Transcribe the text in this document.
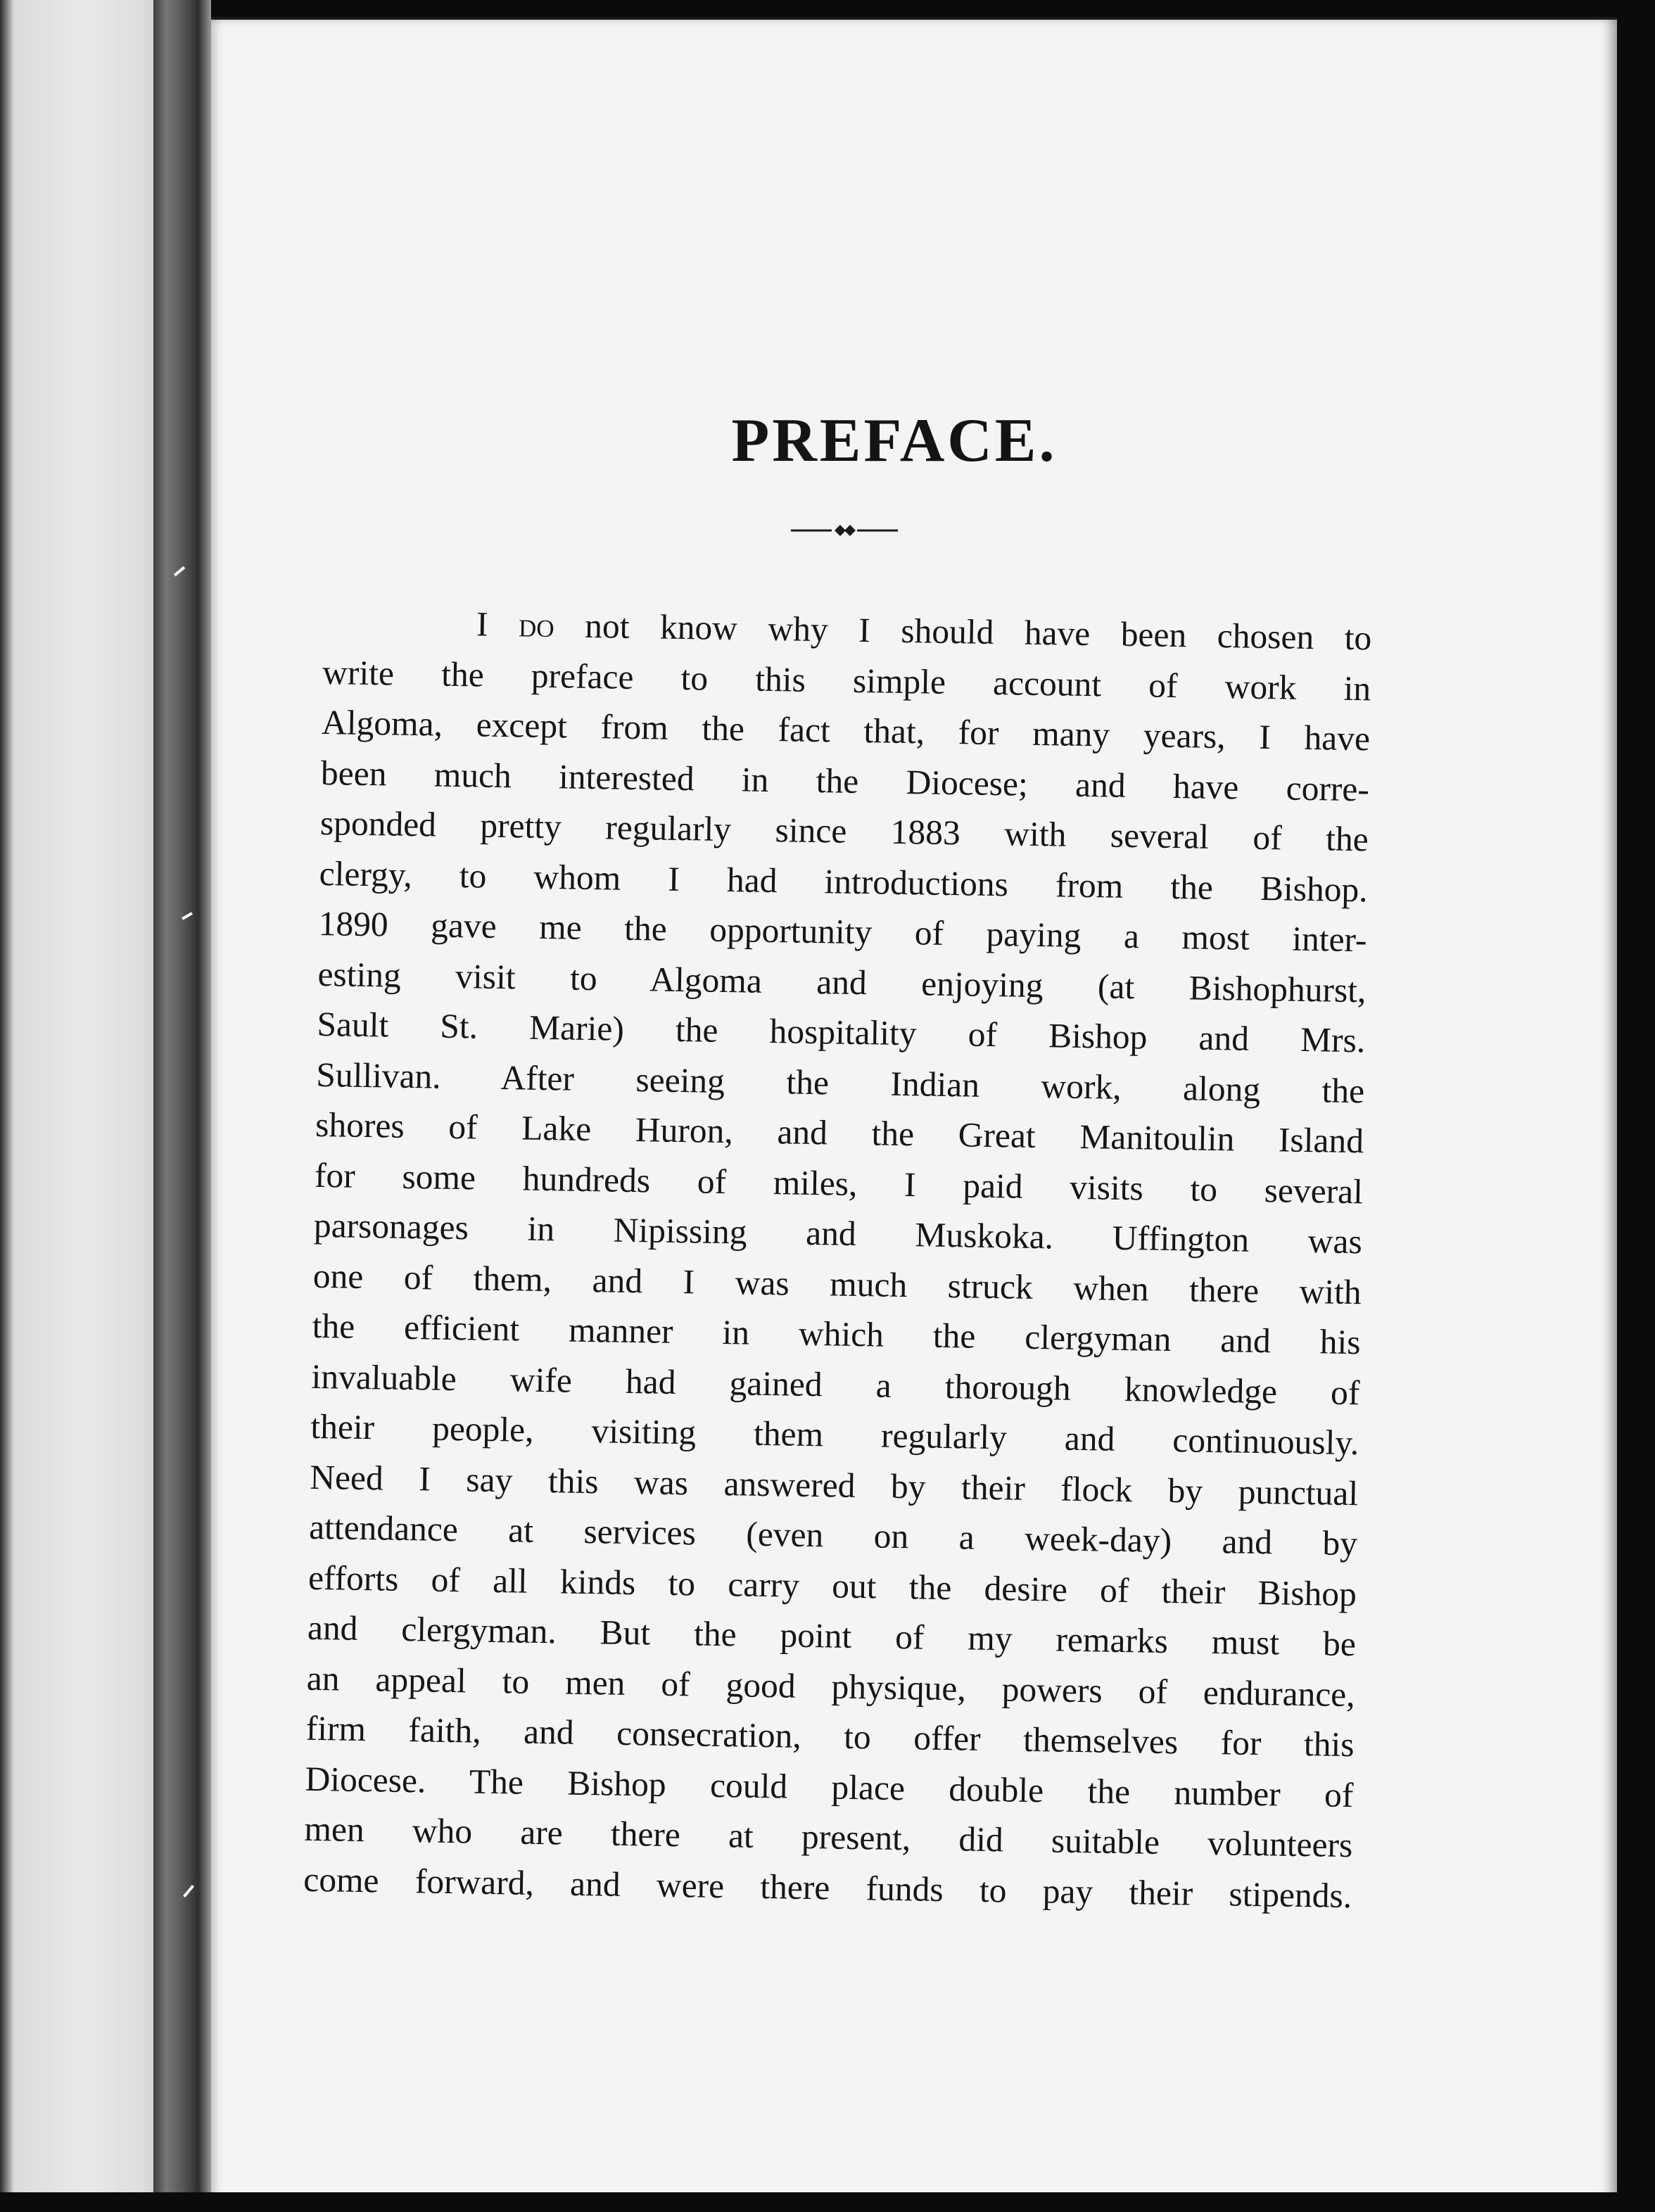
PREFACE.
I do not know why I should have been chosen to
write the preface to this simple account of work in
Algoma, except from the fact that, for many years, I have
been much interested in the Diocese; and have corre-
sponded pretty regularly since 1883 with several of the
clergy, to whom I had introductions from the Bishop.
1890 gave me the opportunity of paying a most inter-
esting visit to Algoma and enjoying (at Bishophurst,
Sault St. Marie) the hospitality of Bishop and Mrs.
Sullivan. After seeing the Indian work, along the
shores of Lake Huron, and the Great Manitoulin Island
for some hundreds of miles, I paid visits to several
parsonages in Nipissing and Muskoka. Uffington was
one of them, and I was much struck when there with
the efficient manner in which the clergyman and his
invaluable wife had gained a thorough knowledge of
their people, visiting them regularly and continuously.
Need I say this was answered by their flock by punctual
attendance at services (even on a week-day) and by
efforts of all kinds to carry out the desire of their Bishop
and clergyman. But the point of my remarks must be
an appeal to men of good physique, powers of endurance,
firm faith, and consecration, to offer themselves for this
Diocese. The Bishop could place double the number of
men who are there at present, did suitable volunteers
come forward, and were there funds to pay their stipends.
